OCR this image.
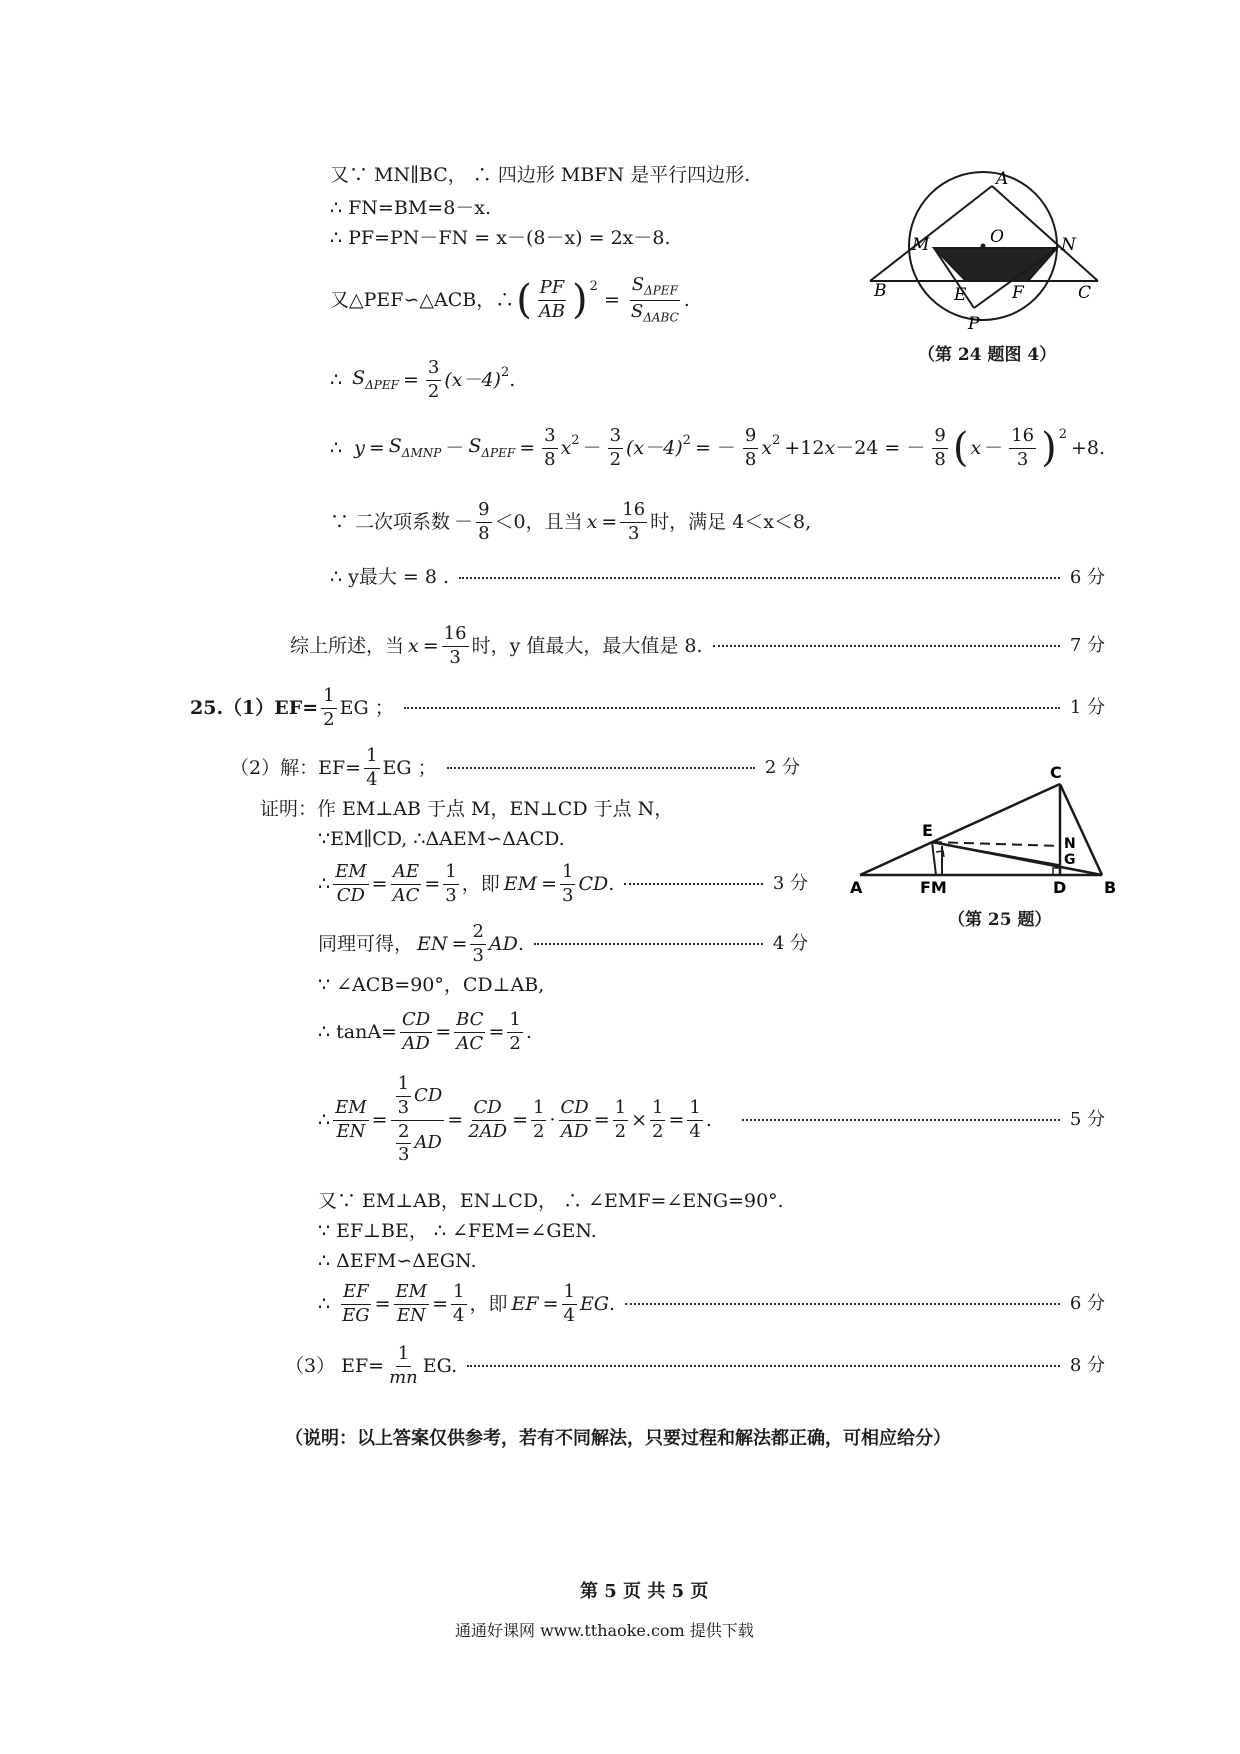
又∵ MN∥BC， ∴ 四边形 MBFN 是平行四边形.
∴ FN=BM=8－x.
∴ PF=PN－FN = x－(8－x) = 2x－8.
又△PEF∽△ACB，∴ ( $\frac{PF}{AB}$ ) 2
= $\frac{S_{\Delta PEF}}{S_{\Delta ABC}}$ .
∴ $S_{\Delta PEF} = \frac{3}{2} (x-4)$ 2 .
∴ $y = S_{\Delta MNP} - S_{\Delta PEF} = \frac{3}{8}$ x $2 - \frac{3}{2} (x-4) 2$ = － $\frac{9}{8}$ x 2 +12x－24 = － $\frac{9}{8}$ ( $x - \frac{16}{3}$ ) 2
+8.
∵ 二次项系数 － $\frac{9}{8} <0$，且当 $x = \frac{16}{3}$ 时，满足 4＜x＜8,
∴ y最大 = 8 .	6 分
综上所述，当 $x = \frac{16}{3}$ 时，y 值最大，最大值是 8.	7 分
$25.(1)EF= \frac{1}{2}$ EG ；	1 分
（2）解：$EF= \frac{1}{4}$ EG ；	2 分
证明：作 EM⊥AB 于点 M，EN⊥CD 于点 N，
∵EM∥CD, ∴ΔAEM∽ΔACD.
∴ $\frac{EM}{CD} = \frac{AE}{AC} = \frac{1}{3}$ ，即 EM = $\frac{1}{3}$ CD .	3 分
同理可得， EN = $\frac{2}{3}$ AD .	4 分
∵ ∠ACB=90°，CD⊥AB,
∴ $\tan A= \frac{CD}{AD} = \frac{BC}{AC} = \frac{1}{2}$ .
∴ $\frac{EM}{EN} = \frac{\frac{1}{3} CD}{\frac{2}{3} AD} = \frac{CD}{2AD} = \frac{1}{2} \cdot \frac{CD}{AD} = \frac{1}{2} \times \frac{1}{2} = \frac{1}{4}$ .	5 分
又∵ EM⊥AB，EN⊥CD， ∴ ∠EMF=∠ENG=90°.
∵ EF⊥BE， ∴ ∠FEM=∠GEN.
∴ ΔEFM∽ΔEGN.
∴ $\frac{EF}{EG} = \frac{EM}{EN} = \frac{1}{4}$ ，即 EF = $\frac{1}{4}$ EG .	6 分
（3） $EF= \frac{1}{mn}$ EG.	8 分
（说明：以上答案仅供参考，若有不同解法，只要过程和解法都正确，可相应给分）
第 5 页 共 5 页
通通好课网 www.tthaoke.com 提供下载
A
M	O	N
B	E	F	C
P
（第 24 题图 4）
C
E
N
G
A	FM	D B
（第 25 题）
